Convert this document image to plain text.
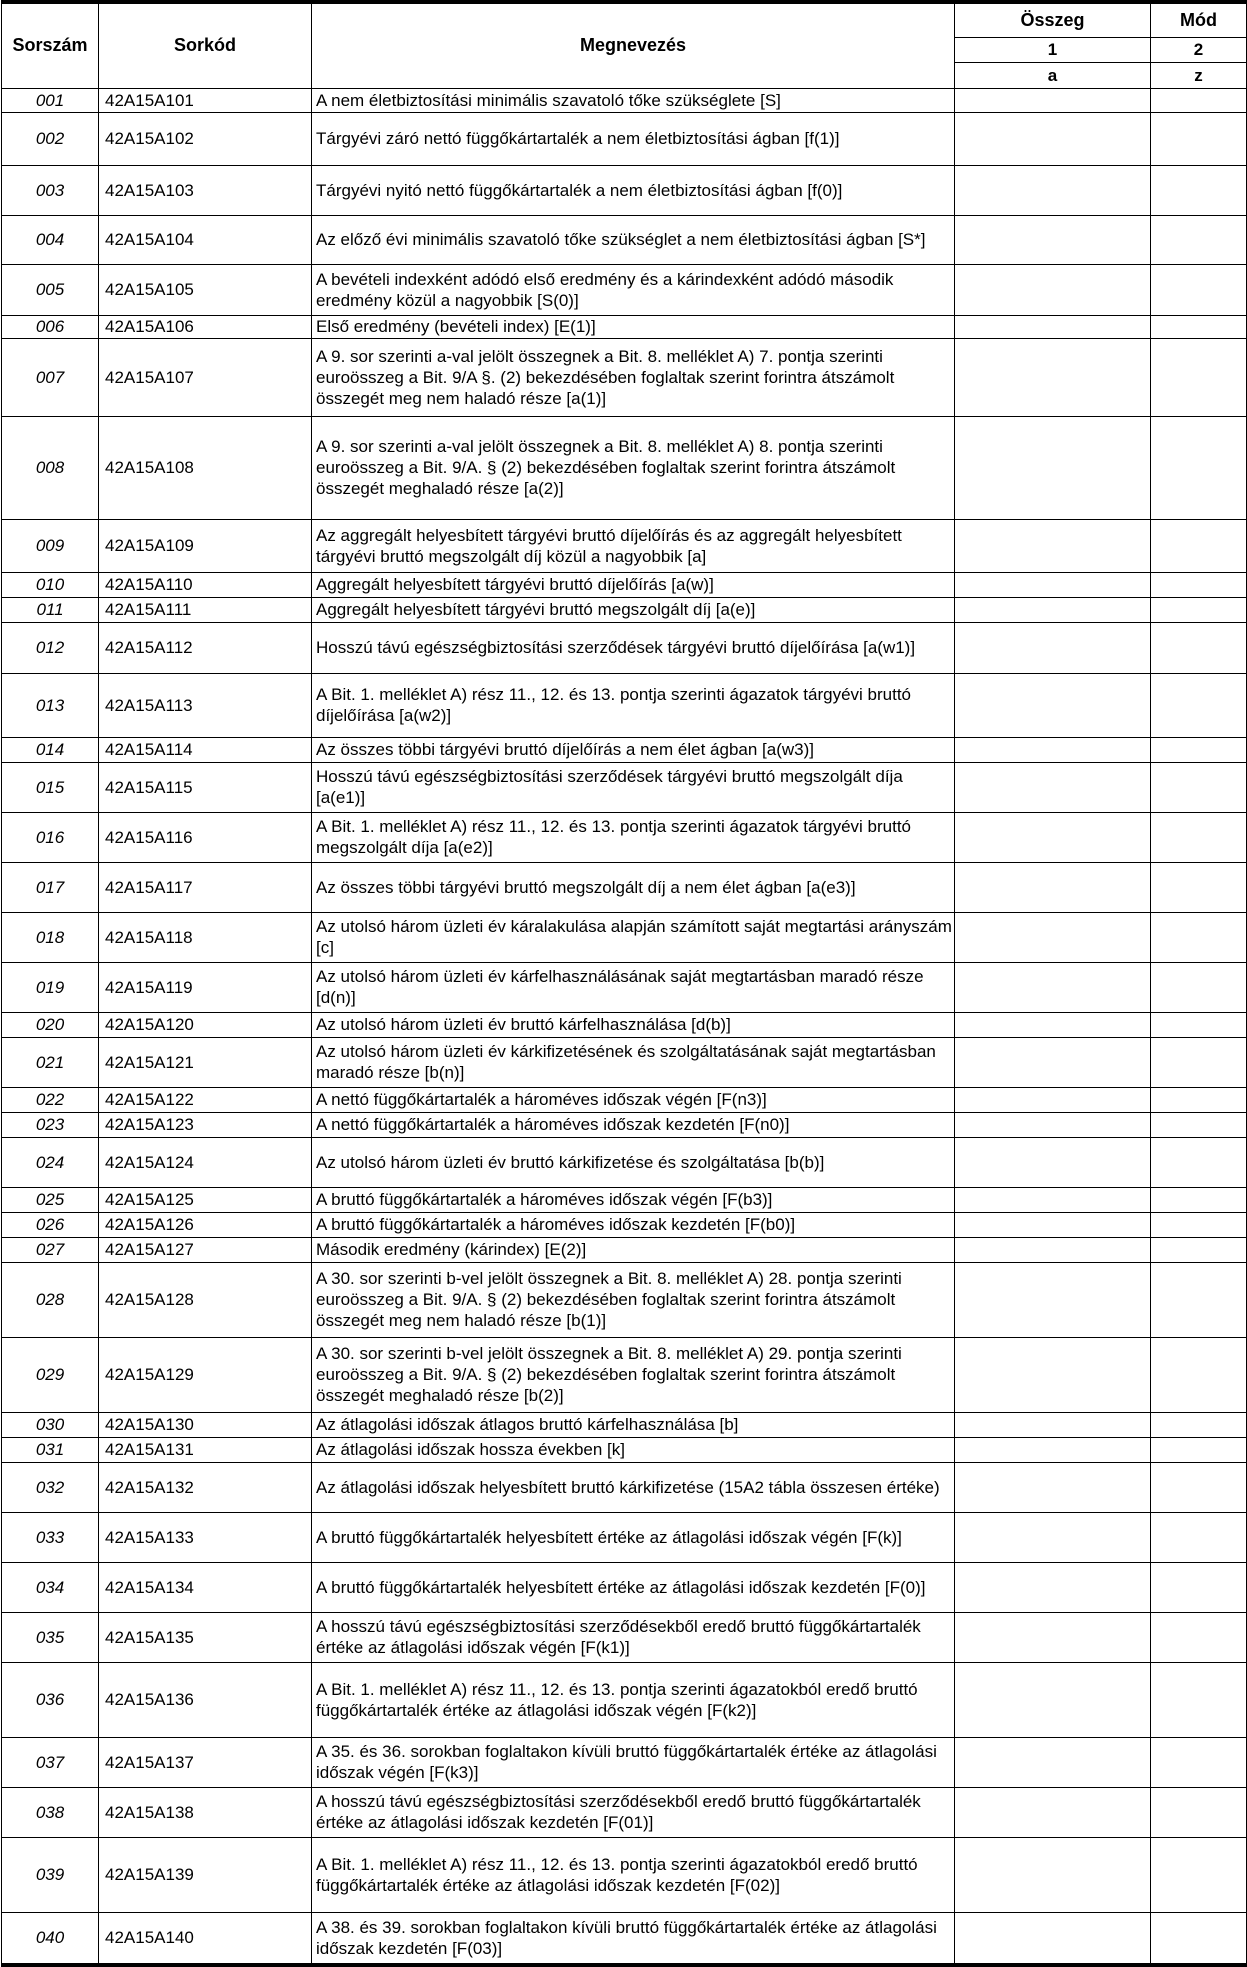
Sorszám	Sorkód	Megnevezés	Összeg	Mód
			1	2
			a	z
001	42A15A101	A nem életbiztosítási minimális szavatoló tőke szükséglete [S]		
002	42A15A102	Tárgyévi záró nettó függőkártartalék a nem életbiztosítási ágban [f(1)]		
003	42A15A103	Tárgyévi nyitó nettó függőkártartalék a nem életbiztosítási ágban [f(0)]		
004	42A15A104	Az előző évi minimális szavatoló tőke szükséglet a nem életbiztosítási ágban [S*]		
005	42A15A105	A bevételi indexként adódó első eredmény és a kárindexként adódó második eredmény közül a nagyobbik [S(0)]		
006	42A15A106	Első eredmény (bevételi index) [E(1)]		
007	42A15A107	A 9. sor szerinti a-val jelölt összegnek a Bit. 8. melléklet A) 7. pontja szerinti euroösszeg a Bit. 9/A §. (2) bekezdésében foglaltak szerint forintra átszámolt összegét meg nem haladó része [a(1)]		
008	42A15A108	A 9. sor szerinti a-val jelölt összegnek a Bit. 8. melléklet A) 8. pontja szerinti euroösszeg a Bit. 9/A. § (2) bekezdésében foglaltak szerint forintra átszámolt összegét meghaladó része [a(2)]		
009	42A15A109	Az aggregált helyesbített tárgyévi bruttó díjelőírás és az aggregált helyesbített tárgyévi bruttó megszolgált díj közül a nagyobbik [a]		
010	42A15A110	Aggregált helyesbített tárgyévi bruttó díjelőírás [a(w)]		
011	42A15A111	Aggregált helyesbített tárgyévi bruttó megszolgált díj [a(e)]		
012	42A15A112	Hosszú távú egészségbiztosítási szerződések tárgyévi bruttó díjelőírása [a(w1)]		
013	42A15A113	A Bit. 1. melléklet A) rész 11., 12. és 13. pontja szerinti ágazatok tárgyévi bruttó díjelőírása [a(w2)]		
014	42A15A114	Az összes többi tárgyévi bruttó díjelőírás a nem élet ágban [a(w3)]		
015	42A15A115	Hosszú távú egészségbiztosítási szerződések tárgyévi bruttó megszolgált díja [a(e1)]		
016	42A15A116	A Bit. 1. melléklet A) rész 11., 12. és 13. pontja szerinti ágazatok tárgyévi bruttó megszolgált díja [a(e2)]		
017	42A15A117	Az összes többi tárgyévi bruttó megszolgált díj a nem élet ágban [a(e3)]		
018	42A15A118	Az utolsó három üzleti év káralakulása alapján számított saját megtartási arányszám [c]		
019	42A15A119	Az utolsó három üzleti év kárfelhasználásának saját megtartásban maradó része [d(n)]		
020	42A15A120	Az utolsó három üzleti év bruttó kárfelhasználása [d(b)]		
021	42A15A121	Az utolsó három üzleti év kárkifizetésének és szolgáltatásának saját megtartásban maradó része [b(n)]		
022	42A15A122	A nettó függőkártartalék a hároméves időszak végén [F(n3)]		
023	42A15A123	A nettó függőkártartalék a hároméves időszak kezdetén [F(n0)]		
024	42A15A124	Az utolsó három üzleti év bruttó kárkifizetése és szolgáltatása [b(b)]		
025	42A15A125	A bruttó függőkártartalék a hároméves időszak végén [F(b3)]		
026	42A15A126	A bruttó függőkártartalék a hároméves időszak kezdetén [F(b0)]		
027	42A15A127	Második eredmény (kárindex) [E(2)]		
028	42A15A128	A 30. sor szerinti b-vel jelölt összegnek a Bit. 8. melléklet A) 28. pontja szerinti euroösszeg a Bit. 9/A. § (2) bekezdésében foglaltak szerint forintra átszámolt összegét meg nem haladó része [b(1)]		
029	42A15A129	A 30. sor szerinti b-vel jelölt összegnek a Bit. 8. melléklet A) 29. pontja szerinti euroösszeg a Bit. 9/A. § (2) bekezdésében foglaltak szerint forintra átszámolt összegét meghaladó része [b(2)]		
030	42A15A130	Az átlagolási időszak átlagos bruttó kárfelhasználása [b]		
031	42A15A131	Az átlagolási időszak hossza években [k]		
032	42A15A132	Az átlagolási időszak helyesbített bruttó kárkifizetése (15A2 tábla összesen értéke)		
033	42A15A133	A bruttó függőkártartalék helyesbített értéke az átlagolási időszak végén [F(k)]		
034	42A15A134	A bruttó függőkártartalék helyesbített értéke az átlagolási időszak kezdetén [F(0)]		
035	42A15A135	A hosszú távú egészségbiztosítási szerződésekből eredő bruttó függőkártartalék értéke az átlagolási időszak végén [F(k1)]		
036	42A15A136	A Bit. 1. melléklet A) rész 11., 12. és 13. pontja szerinti ágazatokból eredő bruttó függőkártartalék értéke az átlagolási időszak végén [F(k2)]		
037	42A15A137	A 35. és 36. sorokban foglaltakon kívüli bruttó függőkártartalék értéke az átlagolási időszak végén [F(k3)]		
038	42A15A138	A hosszú távú egészségbiztosítási szerződésekből eredő bruttó függőkártartalék értéke az átlagolási időszak kezdetén [F(01)]		
039	42A15A139	A Bit. 1. melléklet A) rész 11., 12. és 13. pontja szerinti ágazatokból eredő bruttó függőkártartalék értéke az átlagolási időszak kezdetén [F(02)]		
040	42A15A140	A 38. és 39. sorokban foglaltakon kívüli bruttó függőkártartalék értéke az átlagolási időszak kezdetén [F(03)]		
